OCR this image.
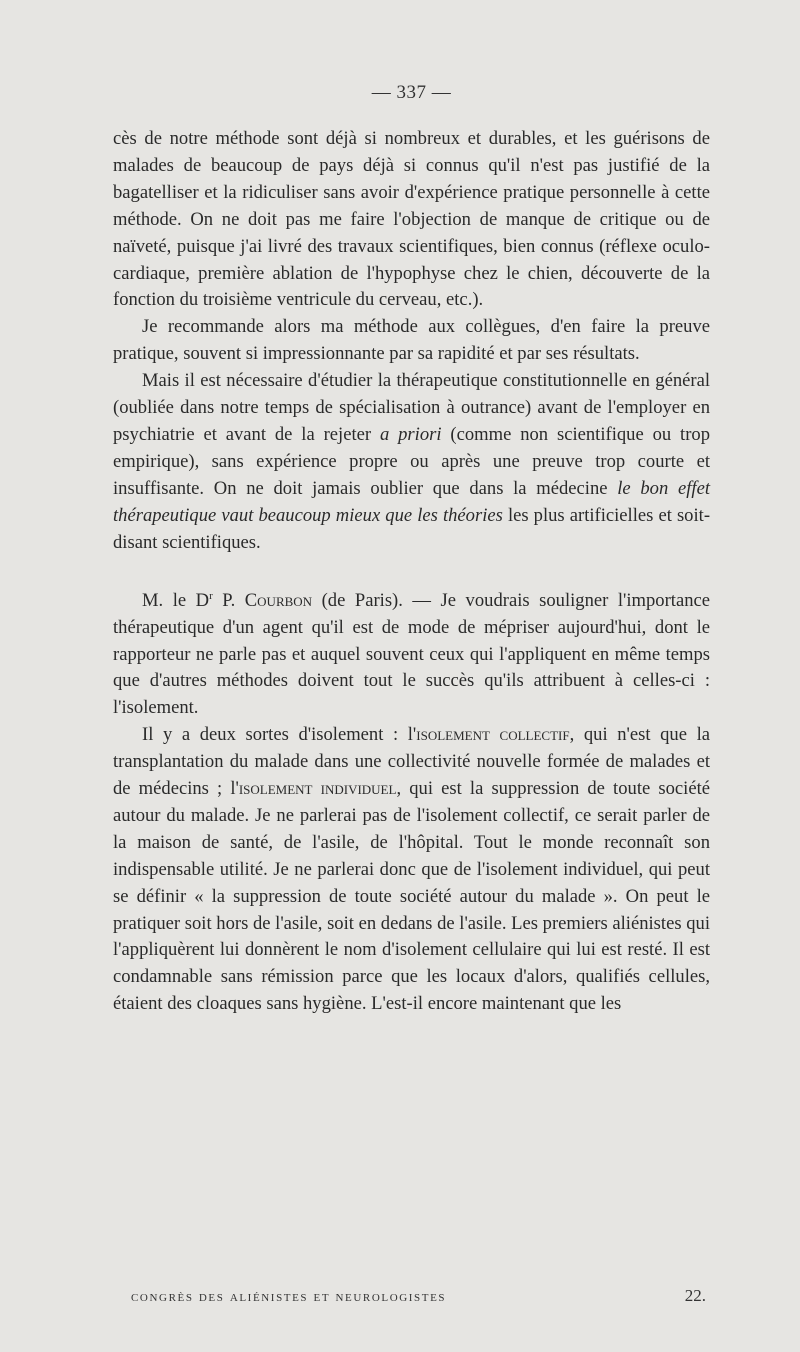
— 337 —

cès de notre méthode sont déjà si nombreux et durables, et les guérisons de malades de beaucoup de pays déjà si connus qu'il n'est pas justifié de la bagatelliser et la ridiculiser sans avoir d'expérience pratique personnelle à cette méthode. On ne doit pas me faire l'objection de manque de critique ou de naïveté, puisque j'ai livré des travaux scientifiques, bien connus (réflexe oculo-cardiaque, première ablation de l'hypophyse chez le chien, découverte de la fonction du troisième ventricule du cerveau, etc.).

Je recommande alors ma méthode aux collègues, d'en faire la preuve pratique, souvent si impressionnante par sa rapidité et par ses résultats.

Mais il est nécessaire d'étudier la thérapeutique constitutionnelle en général (oubliée dans notre temps de spécialisation à outrance) avant de l'employer en psychiatrie et avant de la rejeter a priori (comme non scientifique ou trop empirique), sans expérience propre ou après une preuve trop courte et insuffisante. On ne doit jamais oublier que dans la médecine le bon effet thérapeutique vaut beaucoup mieux que les théories les plus artificielles et soit-disant scientifiques.

M. le $D^r$ P. Courbon (de Paris). — Je voudrais souligner l'importance thérapeutique d'un agent qu'il est de mode de mépriser aujourd'hui, dont le rapporteur ne parle pas et auquel souvent ceux qui l'appliquent en même temps que d'autres méthodes doivent tout le succès qu'ils attribuent à celles-ci : l'isolement.

Il y a deux sortes d'isolement : l'isolement collectif, qui n'est que la transplantation du malade dans une collectivité nouvelle formée de malades et de médecins ; l'isolement individuel, qui est la suppression de toute société autour du malade. Je ne parlerai pas de l'isolement collectif, ce serait parler de la maison de santé, de l'asile, de l'hôpital. Tout le monde reconnaît son indispensable utilité. Je ne parlerai donc que de l'isolement individuel, qui peut se définir « la suppression de toute société autour du malade ». On peut le pratiquer soit hors de l'asile, soit en dedans de l'asile. Les premiers aliénistes qui l'appliquèrent lui donnèrent le nom d'isolement cellulaire qui lui est resté. Il est condamnable sans rémission parce que les locaux d'alors, qualifiés cellules, étaient des cloaques sans hygiène. L'est-il encore maintenant que les

congrès des aliénistes et neurologistes	22.
